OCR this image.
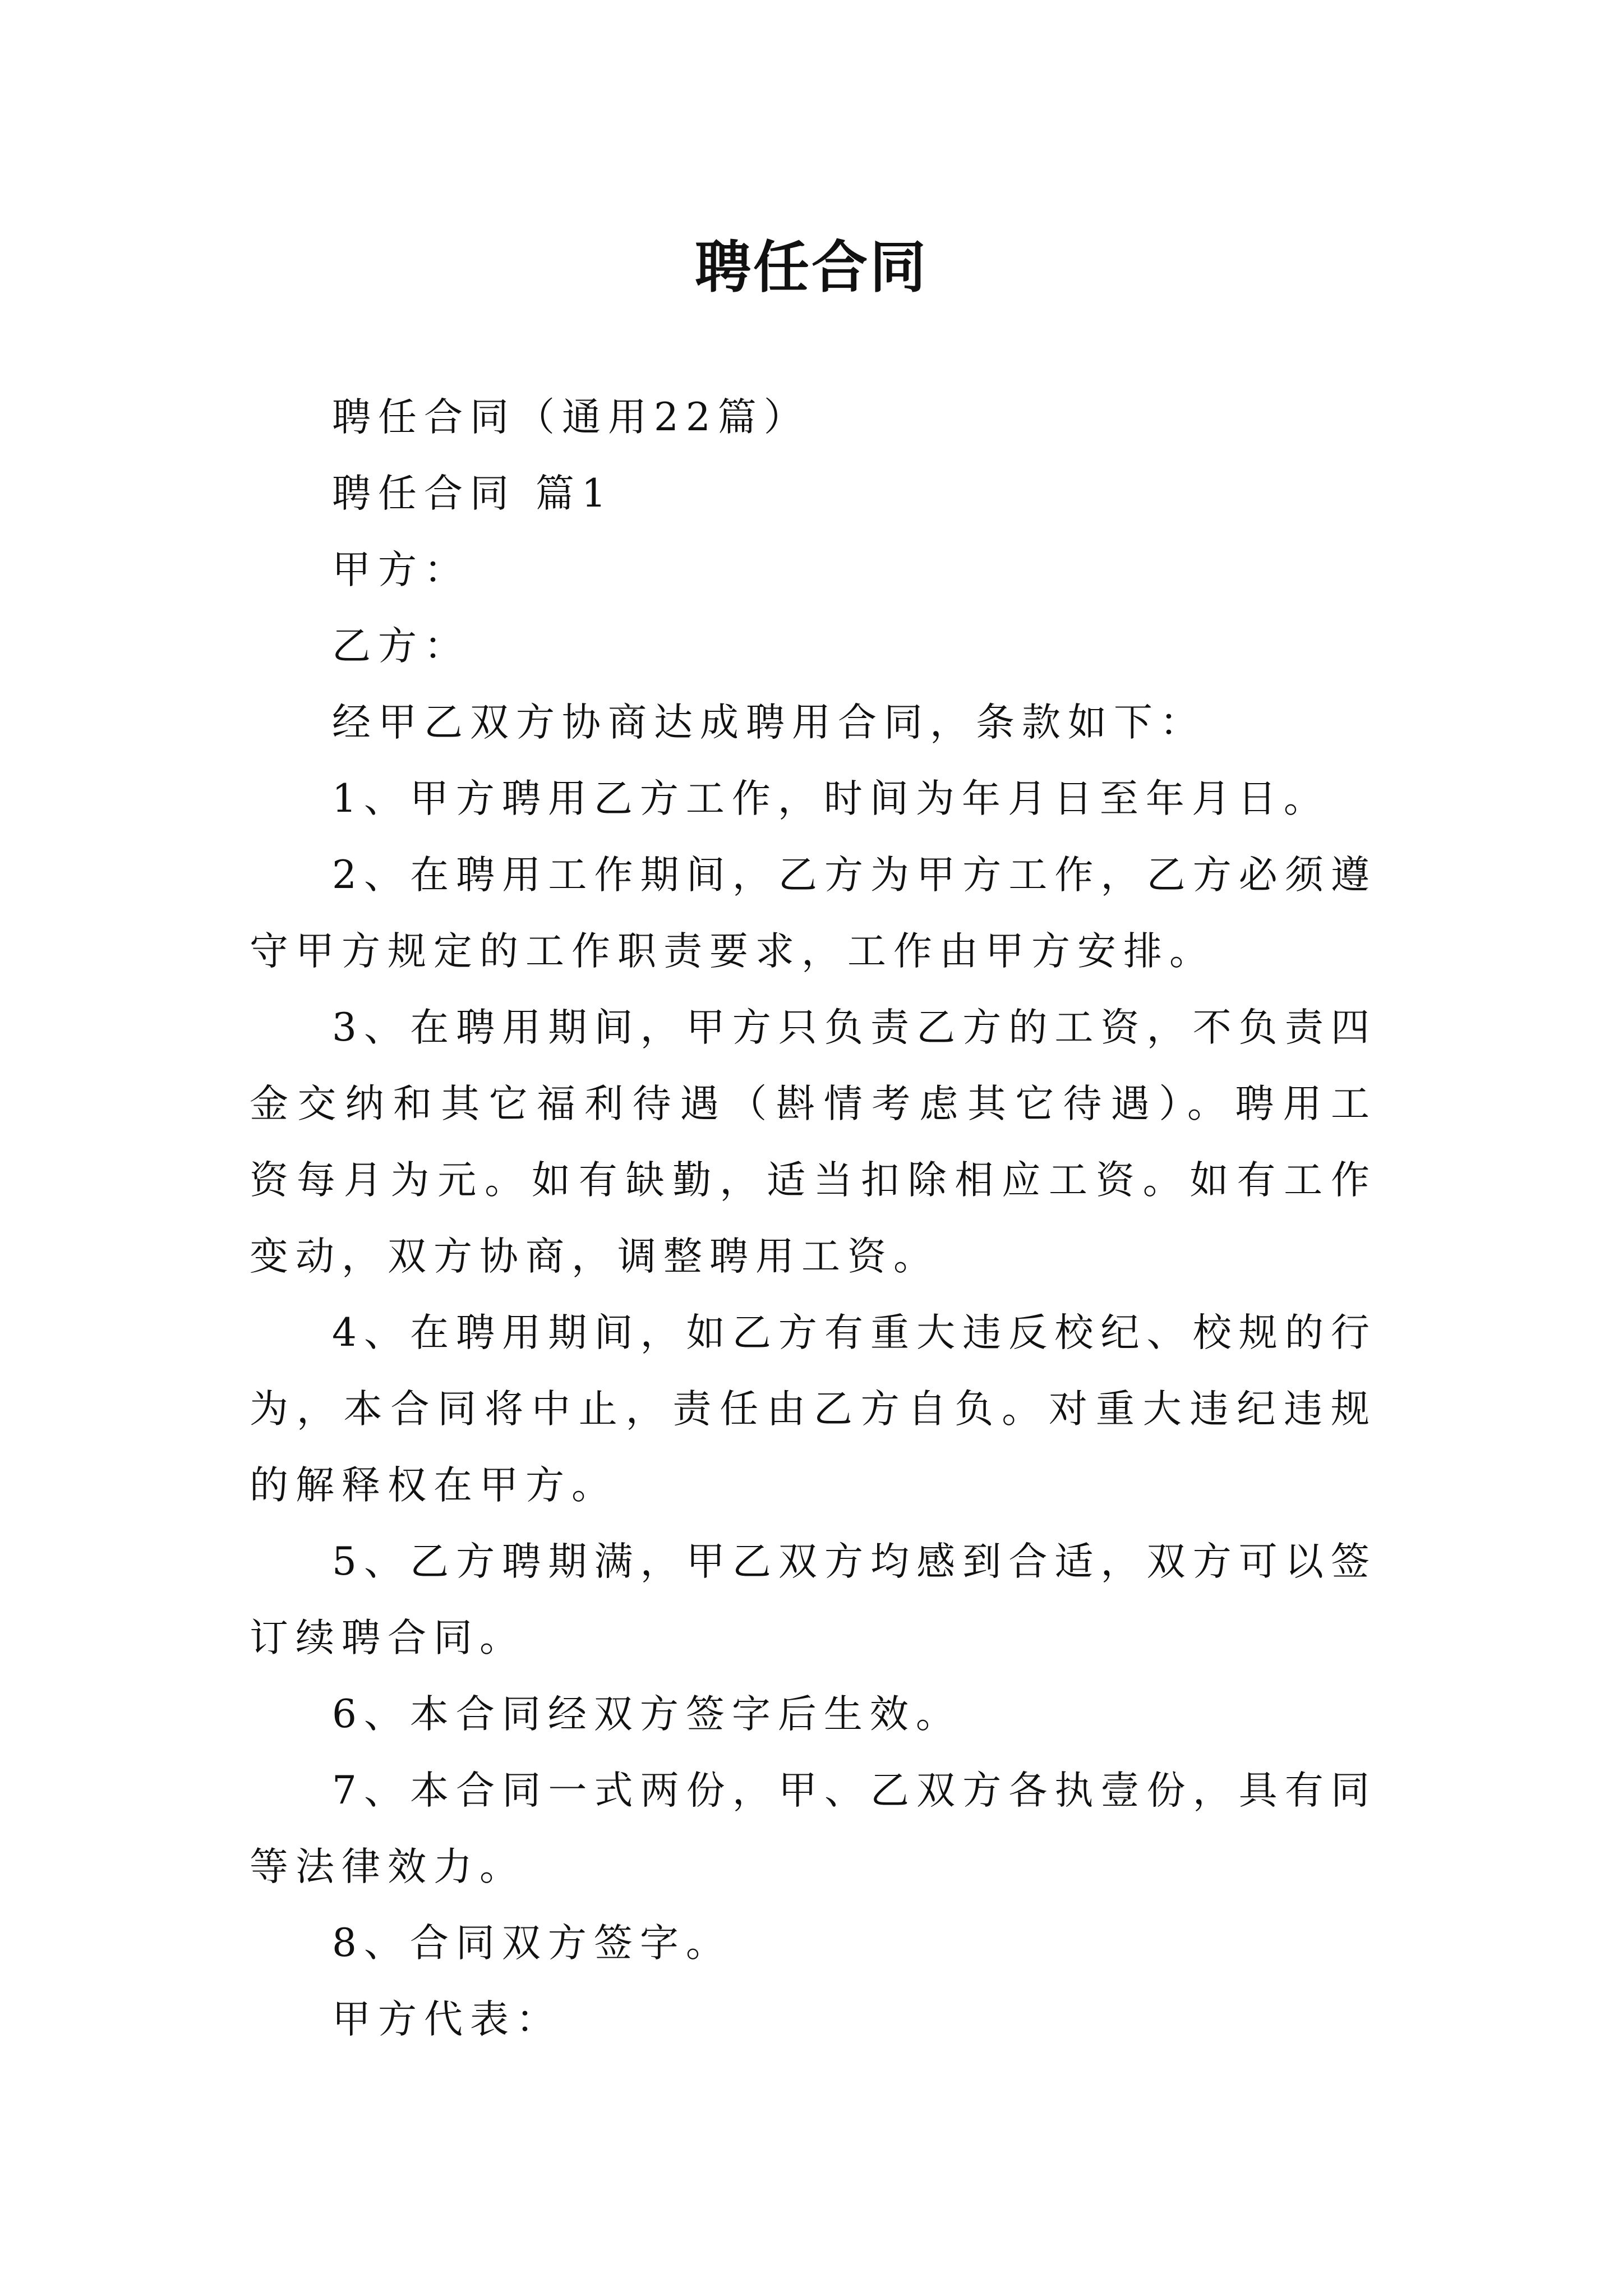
聘任合同

聘任合同（通用22篇）

聘任合同 篇1

甲方：

乙方：

经甲乙双方协商达成聘用合同，条款如下：

1、甲方聘用乙方工作，时间为年月日至年月日。

2、在聘用工作期间，乙方为甲方工作，乙方必须遵守甲方规定的工作职责要求，工作由甲方安排。

3、在聘用期间，甲方只负责乙方的工资，不负责四金交纳和其它福利待遇（斟情考虑其它待遇）。聘用工资每月为元。如有缺勤，适当扣除相应工资。如有工作变动，双方协商，调整聘用工资。

4、在聘用期间，如乙方有重大违反校纪、校规的行为，本合同将中止，责任由乙方自负。对重大违纪违规的解释权在甲方。

5、乙方聘期满，甲乙双方均感到合适，双方可以签订续聘合同。

6、本合同经双方签字后生效。

7、本合同一式两份，甲、乙双方各执壹份，具有同等法律效力。

8、合同双方签字。

甲方代表：
